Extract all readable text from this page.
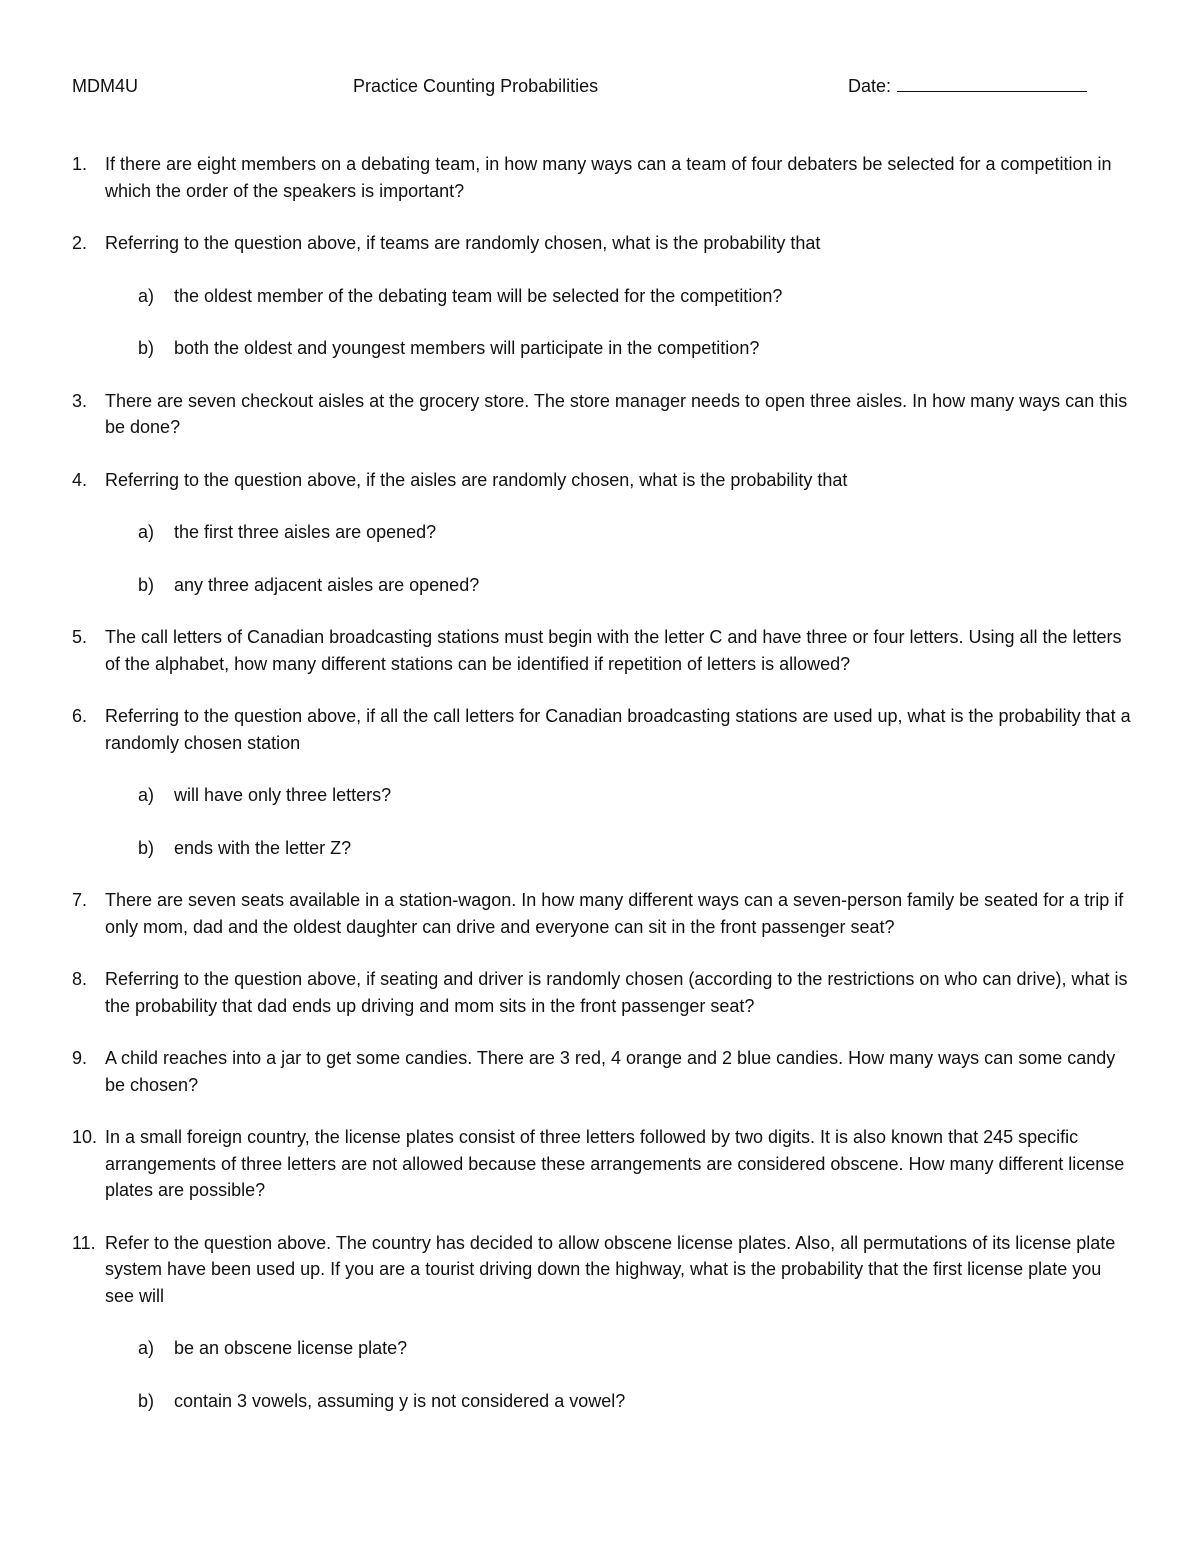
MDM4U	Practice Counting Probabilities	Date:
1. If there are eight members on a debating team, in how many ways can a team of four debaters be selected for a competition in which the order of the speakers is important?
2. Referring to the question above, if teams are randomly chosen, what is the probability that
a) the oldest member of the debating team will be selected for the competition?
b) both the oldest and youngest members will participate in the competition?
3. There are seven checkout aisles at the grocery store. The store manager needs to open three aisles. In how many ways can this be done?
4. Referring to the question above, if the aisles are randomly chosen, what is the probability that
a) the first three aisles are opened?
b) any three adjacent aisles are opened?
5. The call letters of Canadian broadcasting stations must begin with the letter C and have three or four letters. Using all the letters of the alphabet, how many different stations can be identified if repetition of letters is allowed?
6. Referring to the question above, if all the call letters for Canadian broadcasting stations are used up, what is the probability that a randomly chosen station
a) will have only three letters?
b) ends with the letter Z?
7. There are seven seats available in a station-wagon. In how many different ways can a seven-person family be seated for a trip if only mom, dad and the oldest daughter can drive and everyone can sit in the front passenger seat?
8. Referring to the question above, if seating and driver is randomly chosen (according to the restrictions on who can drive), what is the probability that dad ends up driving and mom sits in the front passenger seat?
9. A child reaches into a jar to get some candies. There are 3 red, 4 orange and 2 blue candies. How many ways can some candy be chosen?
10. In a small foreign country, the license plates consist of three letters followed by two digits. It is also known that 245 specific arrangements of three letters are not allowed because these arrangements are considered obscene. How many different license plates are possible?
11. Refer to the question above. The country has decided to allow obscene license plates. Also, all permutations of its license plate system have been used up. If you are a tourist driving down the highway, what is the probability that the first license plate you see will
a) be an obscene license plate?
b) contain 3 vowels, assuming y is not considered a vowel?
